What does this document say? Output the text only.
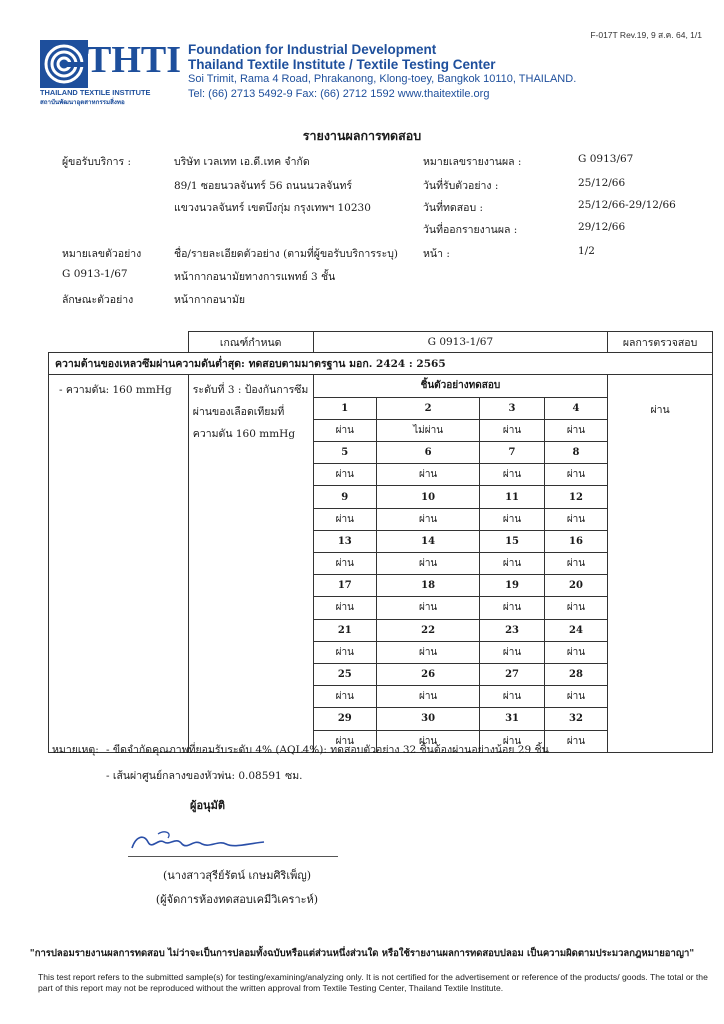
F-017T Rev.19, 9 ส.ค. 64, 1/1
THTI
THAILAND TEXTILE INSTITUTE
สถาบันพัฒนาอุตสาหกรรมสิ่งทอ
Foundation for Industrial Development
Thailand Textile Institute / Textile Testing Center
Soi Trimit, Rama 4 Road, Phrakanong, Klong-toey, Bangkok 10110, THAILAND.
Tel: (66) 2713 5492-9 Fax: (66) 2712 1592 www.thaitextile.org
รายงานผลการทดสอบ
ผู้ขอรับบริการ :	บริษัท เวลเทท เอ.ดี.เทค จำกัด
89/1 ซอยนวลจันทร์ 56 ถนนนวลจันทร์
แขวงนวลจันทร์ เขตบึงกุ่ม กรุงเทพฯ 10230
หมายเลขรายงานผล :	G 0913/67
วันที่รับตัวอย่าง :	25/12/66
วันที่ทดสอบ :	25/12/66-29/12/66
วันที่ออกรายงานผล :	29/12/66
หน้า :	1/2
หมายเลขตัวอย่าง	ชื่อ/รายละเอียดตัวอย่าง (ตามที่ผู้ขอรับบริการระบุ)
G 0913-1/67	หน้ากากอนามัยทางการแพทย์ 3 ชั้น
ลักษณะตัวอย่าง	หน้ากากอนามัย
	เกณฑ์กำหนด	G 0913-1/67	ผลการตรวจสอบ
ความต้านของเหลวซึมผ่านความดันต่ำสุด: ทดสอบตามมาตรฐาน มอก. 2424 : 2565
- ความดัน: 160 mmHg	ระดับที่ 3 : ป้องกันการซึมผ่านของเลือดเทียมที่ความดัน 160 mmHg	
ชิ้นตัวอย่างทดสอบ
1	2	3	4
ผ่าน	ไม่ผ่าน	ผ่าน	ผ่าน
5	6	7	8
ผ่าน	ผ่าน	ผ่าน	ผ่าน
9	10	11	12
ผ่าน	ผ่าน	ผ่าน	ผ่าน
13	14	15	16
ผ่าน	ผ่าน	ผ่าน	ผ่าน
17	18	19	20
ผ่าน	ผ่าน	ผ่าน	ผ่าน
21	22	23	24
ผ่าน	ผ่าน	ผ่าน	ผ่าน
25	26	27	28
ผ่าน	ผ่าน	ผ่าน	ผ่าน
29	30	31	32
ผ่าน	ผ่าน	ผ่าน	ผ่าน
	ผ่าน
หมายเหตุ: - ขีดจำกัดคุณภาพที่ยอมรับระดับ 4% (AQL4%): ทดสอบตัวอย่าง 32 ชิ้นต้องผ่านอย่างน้อย 29 ชิ้น
- เส้นผ่าศูนย์กลางของหัวพ่น: 0.08591 ซม.
ผู้อนุมัติ
(นางสาวสุรีย์รัตน์ เกษมศิริเพ็ญ)
(ผู้จัดการห้องทดสอบเคมีวิเคราะห์)
"การปลอมรายงานผลการทดสอบ ไม่ว่าจะเป็นการปลอมทั้งฉบับหรือแต่ส่วนหนึ่งส่วนใด หรือใช้รายงานผลการทดสอบปลอม เป็นความผิดตามประมวลกฎหมายอาญา"
This test report refers to the submitted sample(s) for testing/examining/analyzing only. It is not certified for the advertisement or reference of the products/ goods. The total or the part of this report may not be reproduced without the written approval from Textile Testing Center, Thailand Textile Institute.
